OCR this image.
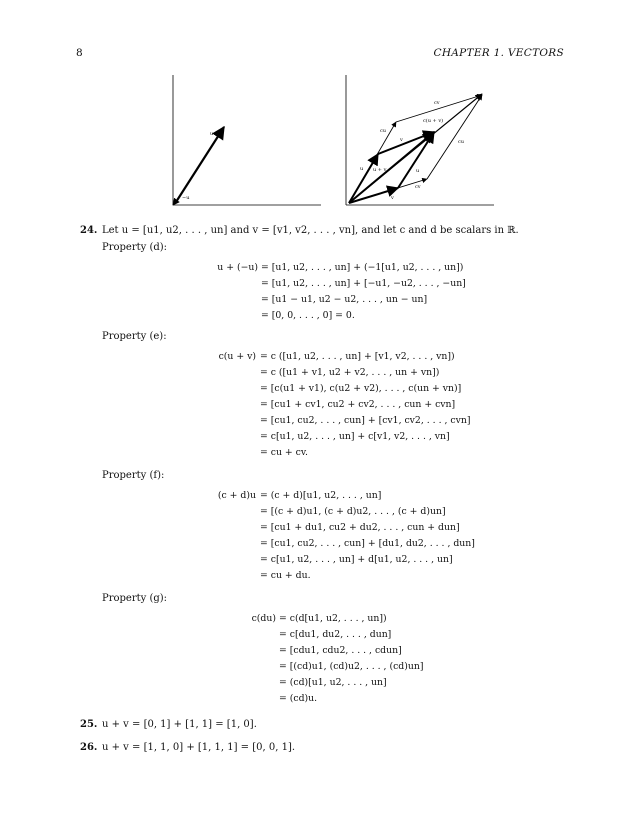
8	CHAPTER 1. VECTORS
u
−u
cv
c(u + v)
cu
v	cu
u u + v	u
cv
v
24. Let u = [u1, u2, . . . , un] and v = [v1, v2, . . . , vn], and let c and d be scalars in ℝ.
Property (d):
u + (−u) = [u1, u2, . . . , un] + (−1[u1, u2, . . . , un])
= [u1, u2, . . . , un] + [−u1, −u2, . . . , −un]
= [u1 − u1, u2 − u2, . . . , un − un]
= [0, 0, . . . , 0] = 0.
Property (e):
c(u + v) = c ([u1, u2, . . . , un] + [v1, v2, . . . , vn])
= c ([u1 + v1, u2 + v2, . . . , un + vn])
= [c(u1 + v1), c(u2 + v2), . . . , c(un + vn)]
= [cu1 + cv1, cu2 + cv2, . . . , cun + cvn]
= [cu1, cu2, . . . , cun] + [cv1, cv2, . . . , cvn]
= c[u1, u2, . . . , un] + c[v1, v2, . . . , vn]
= cu + cv.
Property (f):
(c + d)u = (c + d)[u1, u2, . . . , un]
= [(c + d)u1, (c + d)u2, . . . , (c + d)un]
= [cu1 + du1, cu2 + du2, . . . , cun + dun]
= [cu1, cu2, . . . , cun] + [du1, du2, . . . , dun]
= c[u1, u2, . . . , un] + d[u1, u2, . . . , un]
= cu + du.
Property (g):
c(du) = c(d[u1, u2, . . . , un])
= c[du1, du2, . . . , dun]
= [cdu1, cdu2, . . . , cdun]
= [(cd)u1, (cd)u2, . . . , (cd)un]
= (cd)[u1, u2, . . . , un]
= (cd)u.
25. u + v = [0, 1] + [1, 1] = [1, 0].
26. u + v = [1, 1, 0] + [1, 1, 1] = [0, 0, 1].
